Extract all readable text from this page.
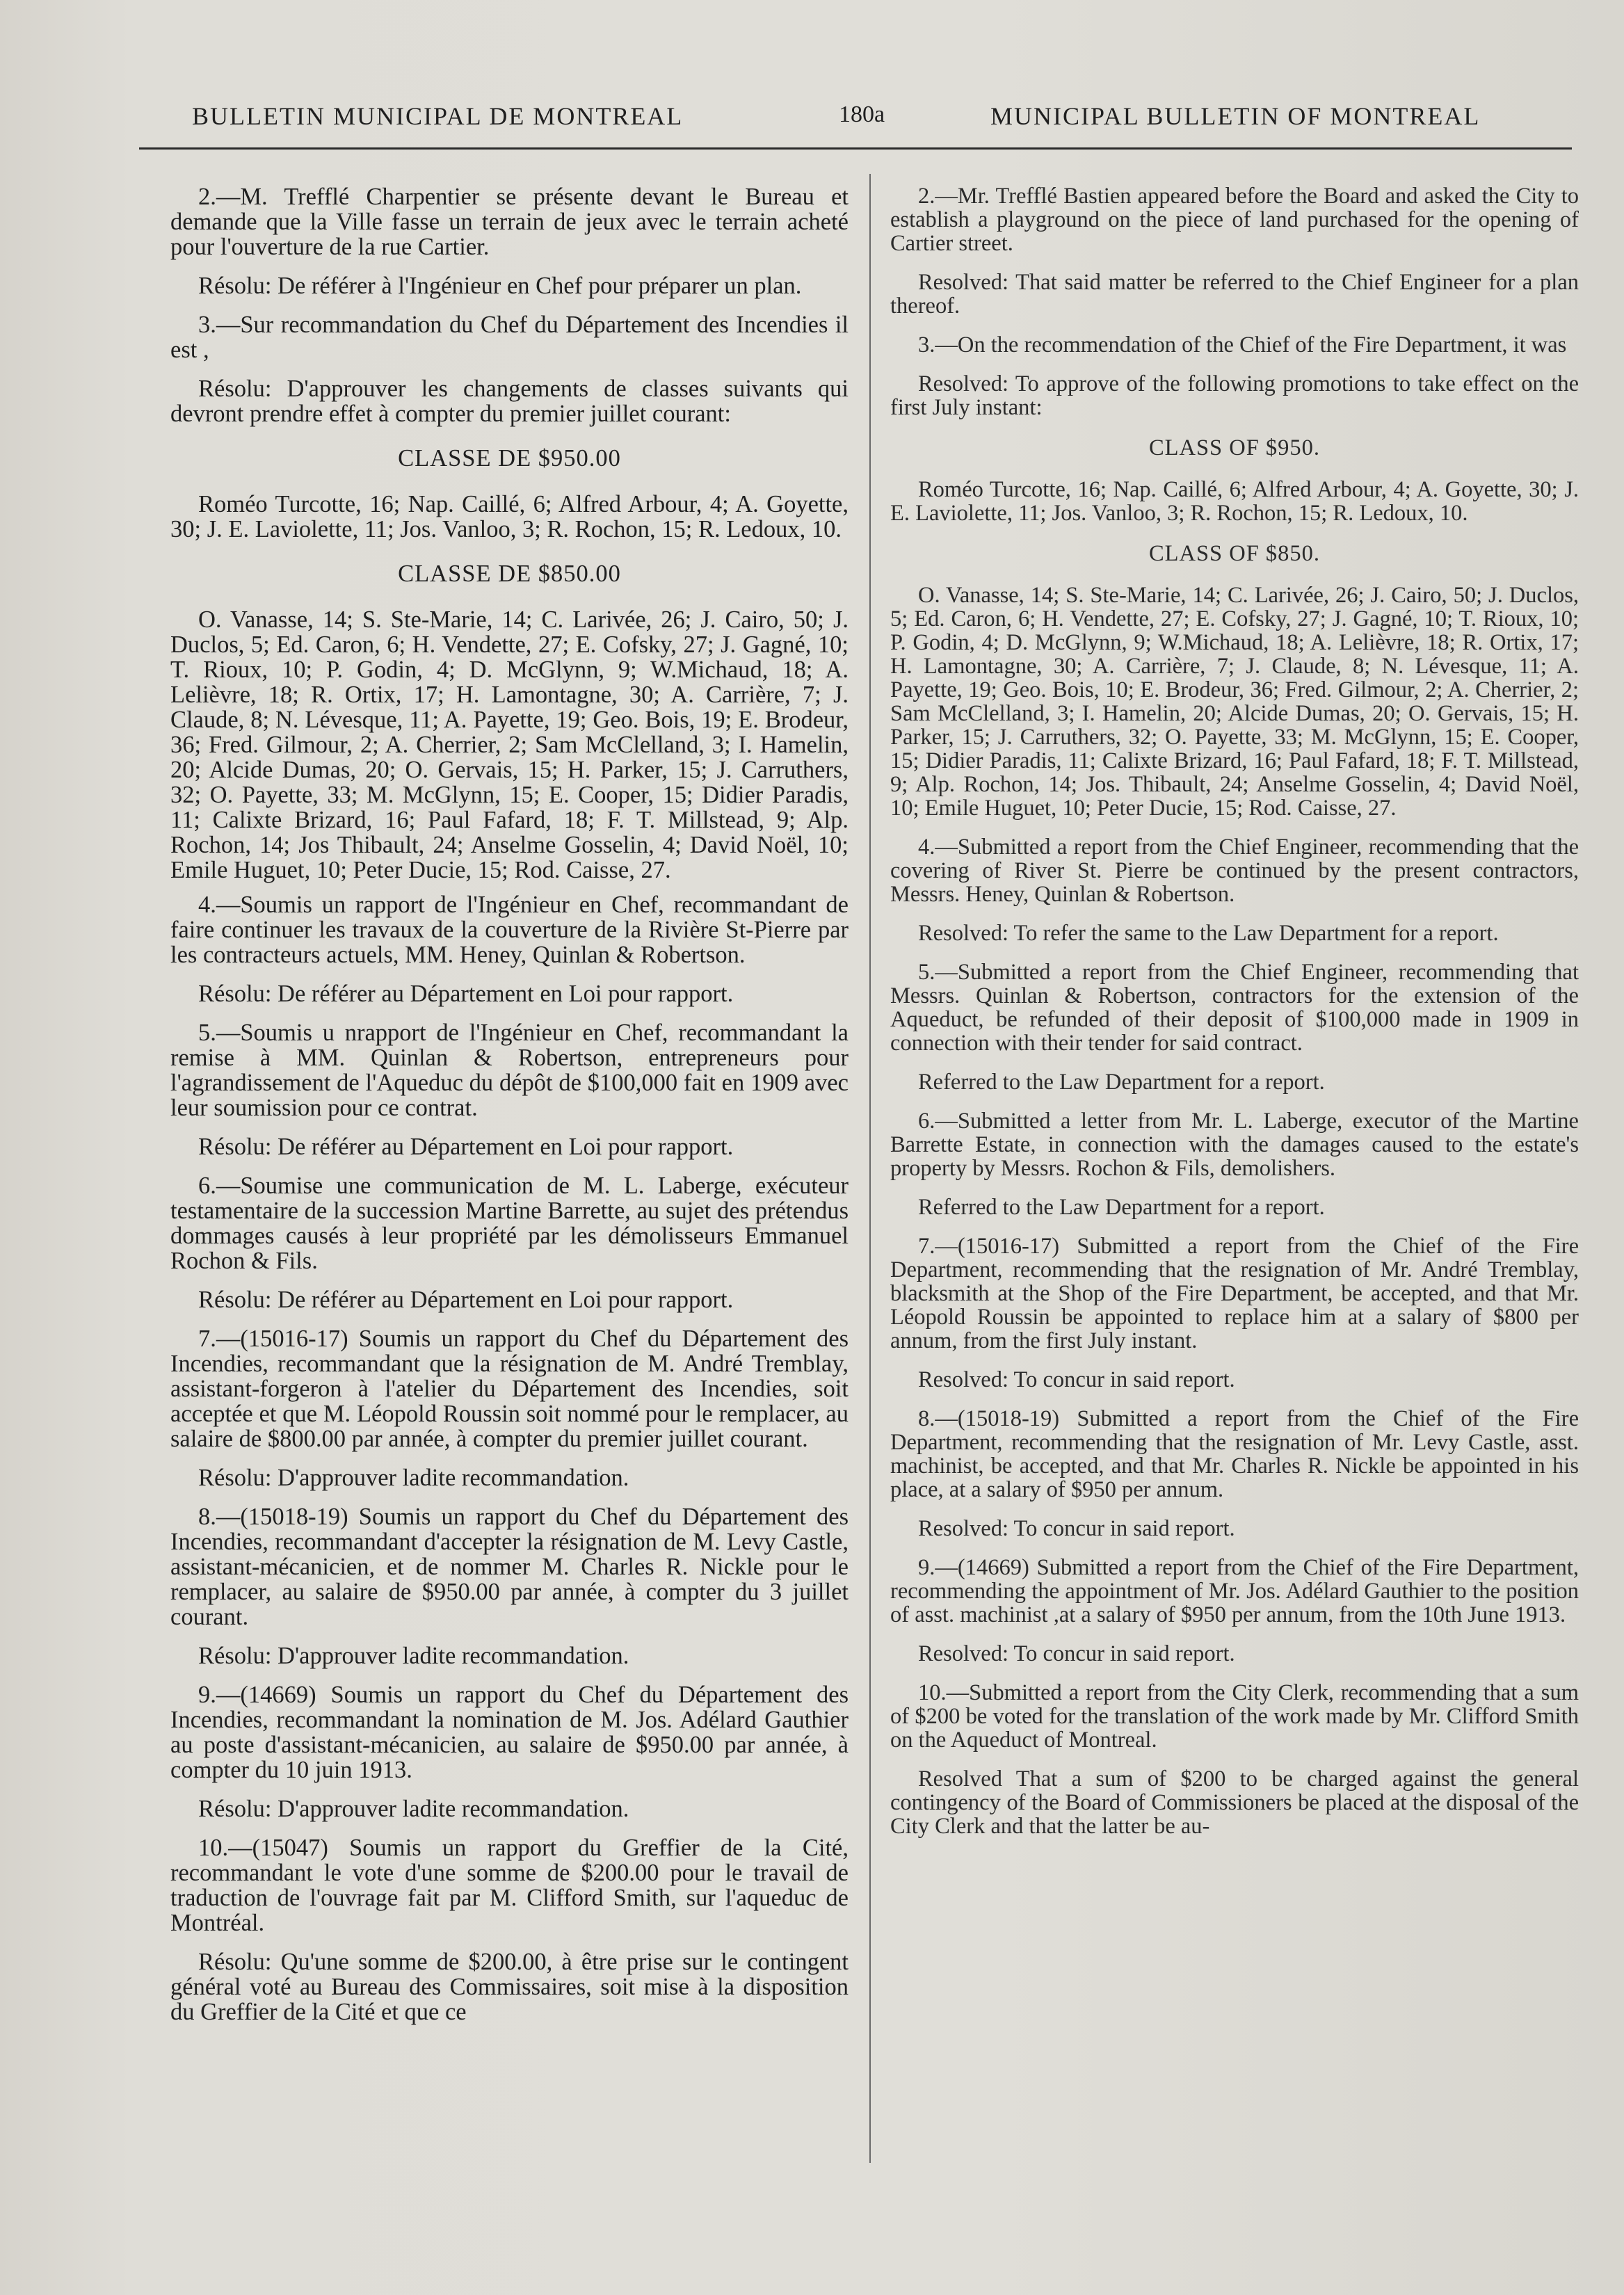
BULLETIN MUNICIPAL DE MONTREAL	180a	MUNICIPAL BULLETIN OF MONTREAL

2.—M. Trefflé Charpentier se présente devant le Bureau et demande que la Ville fasse un terrain de jeux avec le terrain acheté pour l'ouverture de la rue Cartier.

Résolu: De référer à l'Ingénieur en Chef pour préparer un plan.

3.—Sur recommandation du Chef du Département des Incendies il est ,

Résolu: D'approuver les changements de classes suivants qui devront prendre effet à compter du premier juillet courant:

CLASSE DE $950.00

Roméo Turcotte, 16; Nap. Caillé, 6; Alfred Arbour, 4; A. Goyette, 30; J. E. Laviolette, 11; Jos. Vanloo, 3; R. Rochon, 15; R. Ledoux, 10.

CLASSE DE $850.00

O. Vanasse, 14; S. Ste-Marie, 14; C. Larivée, 26; J. Cairo, 50; J. Duclos, 5; Ed. Caron, 6; H. Vendette, 27; E. Cofsky, 27; J. Gagné, 10; T. Rioux, 10; P. Godin, 4; D. McGlynn, 9; W.Michaud, 18; A. Lelièvre, 18; R. Ortix, 17; H. Lamontagne, 30; A. Carrière, 7; J. Claude, 8; N. Lévesque, 11; A. Payette, 19; Geo. Bois, 19; E. Brodeur, 36; Fred. Gilmour, 2; A. Cherrier, 2; Sam McClelland, 3; I. Hamelin, 20; Alcide Dumas, 20; O. Gervais, 15; H. Parker, 15; J. Carruthers, 32; O. Payette, 33; M. McGlynn, 15; E. Cooper, 15; Didier Paradis, 11; Calixte Brizard, 16; Paul Fafard, 18; F. T. Millstead, 9; Alp. Rochon, 14; Jos Thibault, 24; Anselme Gosselin, 4; David Noël, 10; Emile Huguet, 10; Peter Ducie, 15; Rod. Caisse, 27.

4.—Soumis un rapport de l'Ingénieur en Chef, recommandant de faire continuer les travaux de la couverture de la Rivière St-Pierre par les contracteurs actuels, MM. Heney, Quinlan & Robertson.

Résolu: De référer au Département en Loi pour rapport.

5.—Soumis u nrapport de l'Ingénieur en Chef, recommandant la remise à MM. Quinlan & Robertson, entrepreneurs pour l'agrandissement de l'Aqueduc du dépôt de $100,000 fait en 1909 avec leur soumission pour ce contrat.

Résolu: De référer au Département en Loi pour rapport.

6.—Soumise une communication de M. L. Laberge, exécuteur testamentaire de la succession Martine Barrette, au sujet des prétendus dommages causés à leur propriété par les démolisseurs Emmanuel Rochon & Fils.

Résolu: De référer au Département en Loi pour rapport.

7.—(15016-17) Soumis un rapport du Chef du Département des Incendies, recommandant que la résignation de M. André Tremblay, assistant-forgeron à l'atelier du Département des Incendies, soit acceptée et que M. Léopold Roussin soit nommé pour le remplacer, au salaire de $800.00 par année, à compter du premier juillet courant.

Résolu: D'approuver ladite recommandation.

8.—(15018-19) Soumis un rapport du Chef du Département des Incendies, recommandant d'accepter la résignation de M. Levy Castle, assistant-mécanicien, et de nommer M. Charles R. Nickle pour le remplacer, au salaire de $950.00 par année, à compter du 3 juillet courant.

Résolu: D'approuver ladite recommandation.

9.—(14669) Soumis un rapport du Chef du Département des Incendies, recommandant la nomination de M. Jos. Adélard Gauthier au poste d'assistant-mécanicien, au salaire de $950.00 par année, à compter du 10 juin 1913.

Résolu: D'approuver ladite recommandation.

10.—(15047) Soumis un rapport du Greffier de la Cité, recommandant le vote d'une somme de $200.00 pour le travail de traduction de l'ouvrage fait par M. Clifford Smith, sur l'aqueduc de Montréal.

Résolu: Qu'une somme de $200.00, à être prise sur le contingent général voté au Bureau des Commissaires, soit mise à la disposition du Greffier de la Cité et que ce

2.—Mr. Trefflé Bastien appeared before the Board and asked the City to establish a playground on the piece of land purchased for the opening of Cartier street.

Resolved: That said matter be referred to the Chief Engineer for a plan thereof.

3.—On the recommendation of the Chief of the Fire Department, it was

Resolved: To approve of the following promotions to take effect on the first July instant:

CLASS OF $950.

Roméo Turcotte, 16; Nap. Caillé, 6; Alfred Arbour, 4; A. Goyette, 30; J. E. Laviolette, 11; Jos. Vanloo, 3; R. Rochon, 15; R. Ledoux, 10.

CLASS OF $850.

O. Vanasse, 14; S. Ste-Marie, 14; C. Larivée, 26; J. Cairo, 50; J. Duclos, 5; Ed. Caron, 6; H. Vendette, 27; E. Cofsky, 27; J. Gagné, 10; T. Rioux, 10; P. Godin, 4; D. McGlynn, 9; W.Michaud, 18; A. Lelièvre, 18; R. Ortix, 17; H. Lamontagne, 30; A. Carrière, 7; J. Claude, 8; N. Lévesque, 11; A. Payette, 19; Geo. Bois, 10; E. Brodeur, 36; Fred. Gilmour, 2; A. Cherrier, 2; Sam McClelland, 3; I. Hamelin, 20; Alcide Dumas, 20; O. Gervais, 15; H. Parker, 15; J. Carruthers, 32; O. Payette, 33; M. McGlynn, 15; E. Cooper, 15; Didier Paradis, 11; Calixte Brizard, 16; Paul Fafard, 18; F. T. Millstead, 9; Alp. Rochon, 14; Jos. Thibault, 24; Anselme Gosselin, 4; David Noël, 10; Emile Huguet, 10; Peter Ducie, 15; Rod. Caisse, 27.

4.—Submitted a report from the Chief Engineer, recommending that the covering of River St. Pierre be continued by the present contractors, Messrs. Heney, Quinlan & Robertson.

Resolved: To refer the same to the Law Department for a report.

5.—Submitted a report from the Chief Engineer, recommending that Messrs. Quinlan & Robertson, contractors for the extension of the Aqueduct, be refunded of their deposit of $100,000 made in 1909 in connection with their tender for said contract.

Referred to the Law Department for a report.

6.—Submitted a letter from Mr. L. Laberge, executor of the Martine Barrette Estate, in connection with the damages caused to the estate's property by Messrs. Rochon & Fils, demolishers.

Referred to the Law Department for a report.

7.—(15016-17) Submitted a report from the Chief of the Fire Department, recommending that the resignation of Mr. André Tremblay, blacksmith at the Shop of the Fire Department, be accepted, and that Mr. Léopold Roussin be appointed to replace him at a salary of $800 per annum, from the first July instant.

Resolved: To concur in said report.

8.—(15018-19) Submitted a report from the Chief of the Fire Department, recommending that the resignation of Mr. Levy Castle, asst. machinist, be accepted, and that Mr. Charles R. Nickle be appointed in his place, at a salary of $950 per annum.

Resolved: To concur in said report.

9.—(14669) Submitted a report from the Chief of the Fire Department, recommending the appointment of Mr. Jos. Adélard Gauthier to the position of asst. machinist ,at a salary of $950 per annum, from the 10th June 1913.

Resolved: To concur in said report.

10.—Submitted a report from the City Clerk, recommending that a sum of $200 be voted for the translation of the work made by Mr. Clifford Smith on the Aqueduct of Montreal.

Resolved That a sum of $200 to be charged against the general contingency of the Board of Commissioners be placed at the disposal of the City Clerk and that the latter be au-
